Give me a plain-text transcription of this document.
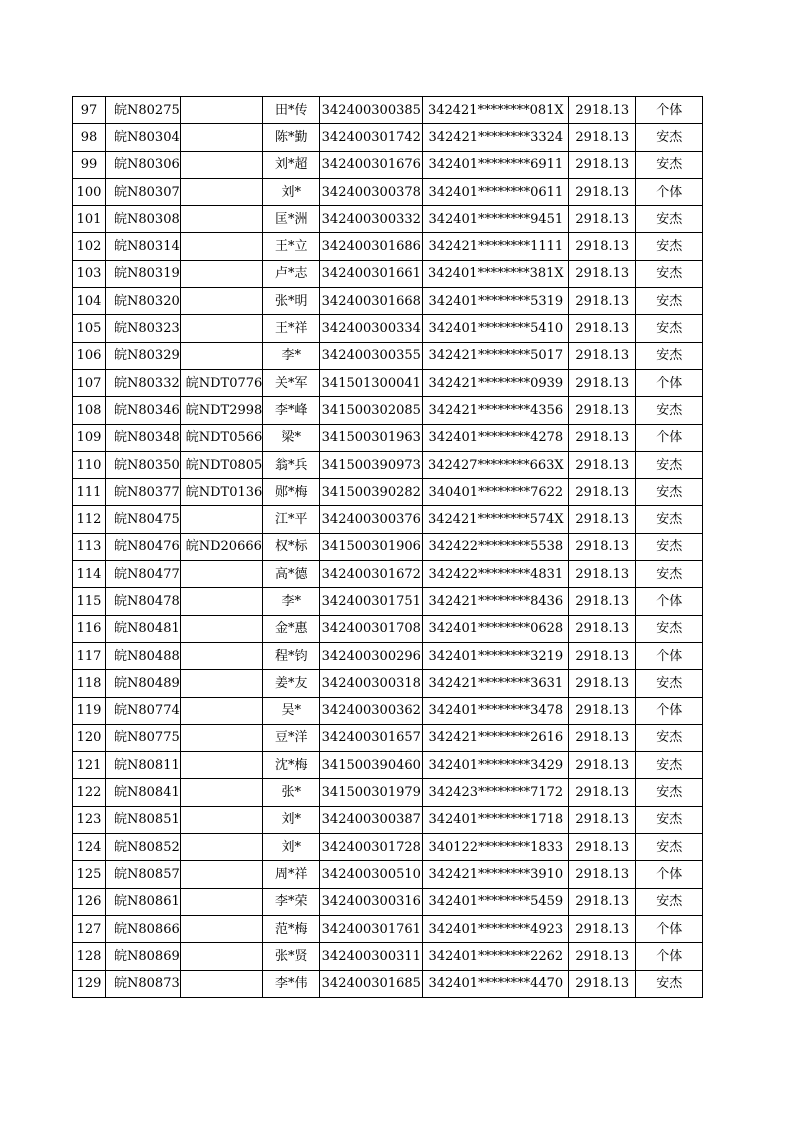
97	皖N80275		田*传	342400300385	342421********081X	2918.13	个体
98	皖N80304		陈*勤	342400301742	342421********3324	2918.13	安杰
99	皖N80306		刘*超	342400301676	342401********6911	2918.13	安杰
100	皖N80307		刘*	342400300378	342401********0611	2918.13	个体
101	皖N80308		匡*洲	342400300332	342401********9451	2918.13	安杰
102	皖N80314		王*立	342400301686	342421********1111	2918.13	安杰
103	皖N80319		卢*志	342400301661	342401********381X	2918.13	安杰
104	皖N80320		张*明	342400301668	342401********5319	2918.13	安杰
105	皖N80323		王*祥	342400300334	342401********5410	2918.13	安杰
106	皖N80329		李*	342400300355	342421********5017	2918.13	安杰
107	皖N80332	皖NDT0776	关*军	341501300041	342421********0939	2918.13	个体
108	皖N80346	皖NDT2998	李*峰	341500302085	342421********4356	2918.13	安杰
109	皖N80348	皖NDT0566	梁*	341500301963	342401********4278	2918.13	个体
110	皖N80350	皖NDT0805	翁*兵	341500390973	342427********663X	2918.13	安杰
111	皖N80377	皖NDT0136	郧*梅	341500390282	340401********7622	2918.13	安杰
112	皖N80475		江*平	342400300376	342421********574X	2918.13	安杰
113	皖N80476	皖ND20666	权*标	341500301906	342422********5538	2918.13	安杰
114	皖N80477		高*德	342400301672	342422********4831	2918.13	安杰
115	皖N80478		李*	342400301751	342421********8436	2918.13	个体
116	皖N80481		金*惠	342400301708	342401********0628	2918.13	安杰
117	皖N80488		程*钧	342400300296	342401********3219	2918.13	个体
118	皖N80489		姜*友	342400300318	342421********3631	2918.13	安杰
119	皖N80774		吴*	342400300362	342401********3478	2918.13	个体
120	皖N80775		豆*洋	342400301657	342421********2616	2918.13	安杰
121	皖N80811		沈*梅	341500390460	342401********3429	2918.13	安杰
122	皖N80841		张*	341500301979	342423********7172	2918.13	安杰
123	皖N80851		刘*	342400300387	342401********1718	2918.13	安杰
124	皖N80852		刘*	342400301728	340122********1833	2918.13	安杰
125	皖N80857		周*祥	342400300510	342421********3910	2918.13	个体
126	皖N80861		李*荣	342400300316	342401********5459	2918.13	安杰
127	皖N80866		范*梅	342400301761	342401********4923	2918.13	个体
128	皖N80869		张*贤	342400300311	342401********2262	2918.13	个体
129	皖N80873		李*伟	342400301685	342401********4470	2918.13	安杰
